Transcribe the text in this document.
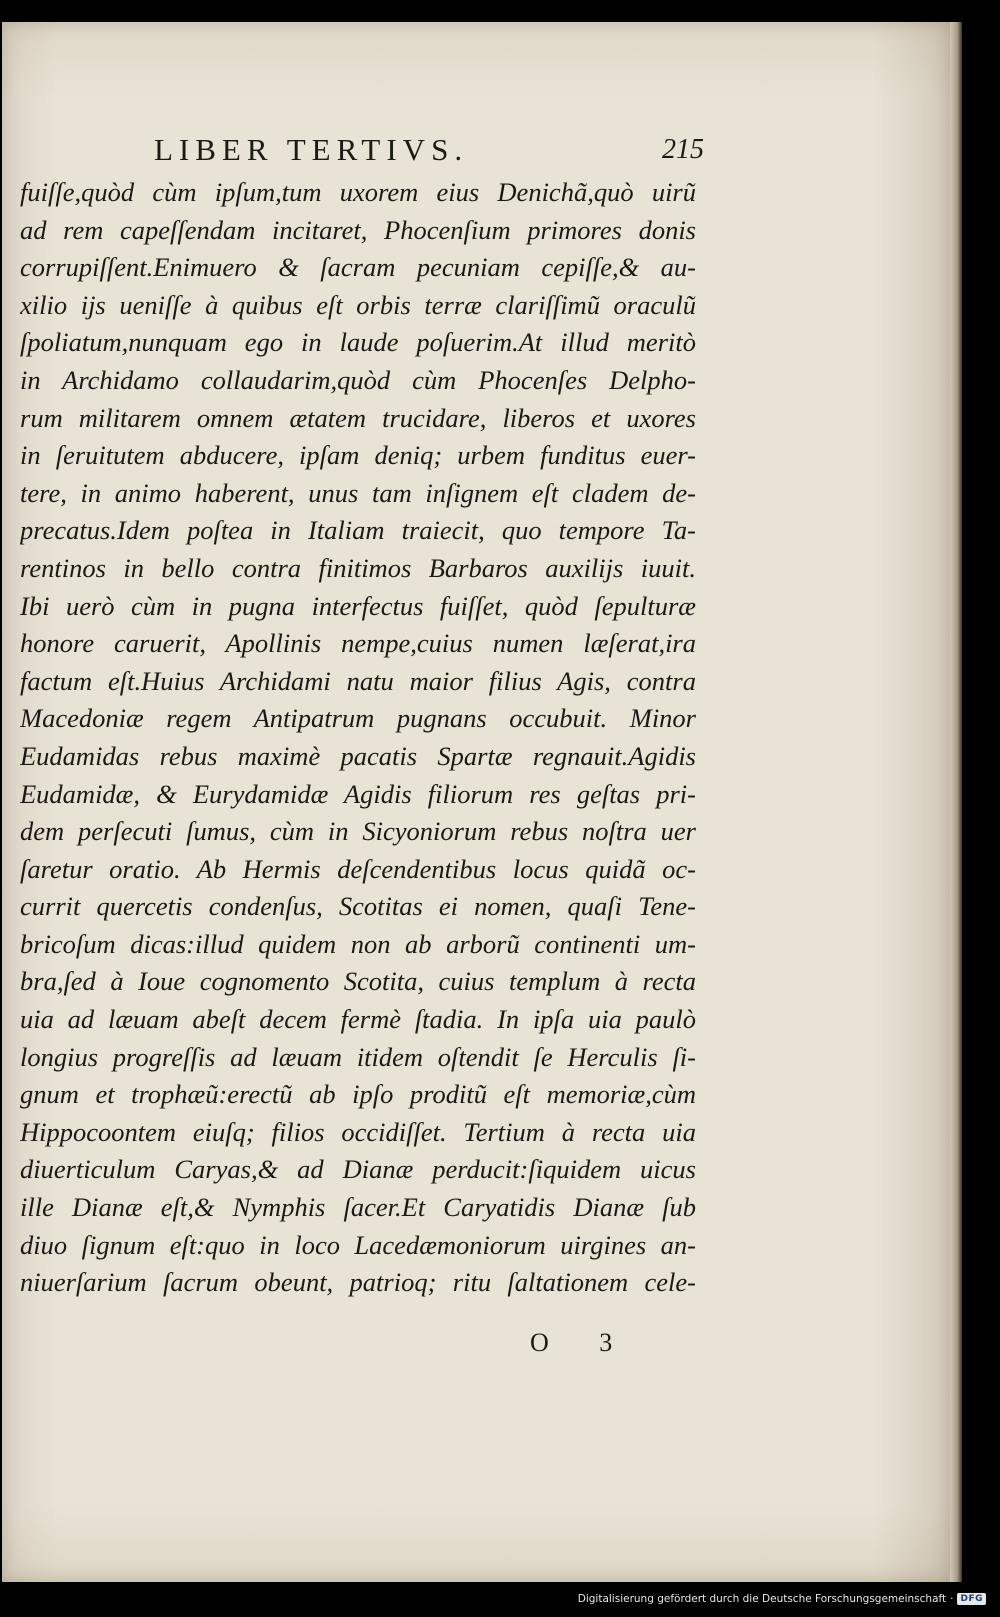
LIBER TERTIVS.	215
fuiſſe,quòd cùm ipſum,tum uxorem eius Denichã,quò uirũ
ad rem capeſſendam incitaret, Phocenſium primores donis
corrupiſſent.Enimuero & ſacram pecuniam cepiſſe,& au-
xilio ijs ueniſſe à quibus eſt orbis terræ clariſſimũ oraculũ
ſpoliatum,nunquam ego in laude poſuerim.At illud meritò
in Archidamo collaudarim,quòd cùm Phocenſes Delpho-
rum militarem omnem ætatem trucidare, liberos et uxores
in ſeruitutem abducere, ipſam deniq; urbem funditus euer-
tere, in animo haberent, unus tam inſignem eſt cladem de-
precatus.Idem poſtea in Italiam traiecit, quo tempore Ta-
rentinos in bello contra finitimos Barbaros auxilijs iuuit.
Ibi uerò cùm in pugna interfectus fuiſſet, quòd ſepulturæ
honore caruerit, Apollinis nempe,cuius numen læſerat,ira
factum eſt.Huius Archidami natu maior filius Agis, contra
Macedoniæ regem Antipatrum pugnans occubuit. Minor
Eudamidas rebus maximè pacatis Spartæ regnauit.Agidis
Eudamidæ, & Eurydamidæ Agidis filiorum res geſtas pri-
dem perſecuti ſumus, cùm in Sicyoniorum rebus noſtra uer
ſaretur oratio. Ab Hermis deſcendentibus locus quidã oc-
currit quercetis condenſus, Scotitas ei nomen, quaſi Tene-
bricoſum dicas:illud quidem non ab arborũ continenti um-
bra,ſed à Ioue cognomento Scotita, cuius templum à recta
uia ad læuam abeſt decem fermè ſtadia. In ipſa uia paulò
longius progreſſis ad læuam itidem oſtendit ſe Herculis ſi-
gnum et trophæũ:erectũ ab ipſo proditũ eſt memoriæ,cùm
Hippocoontem eiuſq; filios occidiſſet. Tertium à recta uia
diuerticulum Caryas,& ad Dianæ perducit:ſiquidem uicus
ille Dianæ eſt,& Nymphis ſacer.Et Caryatidis Dianæ ſub
diuo ſignum eſt:quo in loco Lacedæmoniorum uirgines an-
niuerſarium ſacrum obeunt, patrioq; ritu ſaltationem cele-
O 3
Digitalisierung gefördert durch die Deutsche Forschungsgemeinschaft · DFG
